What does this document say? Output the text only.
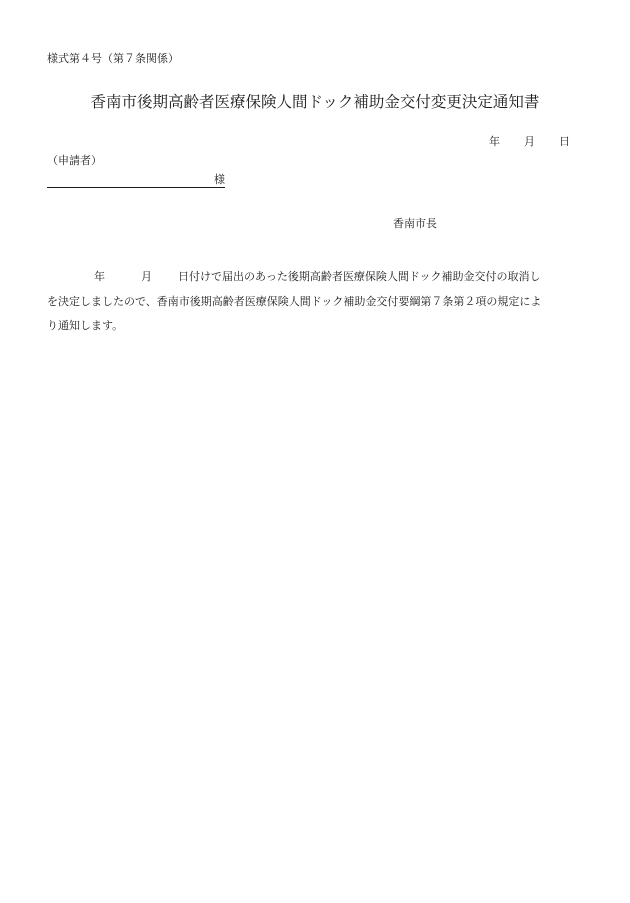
様式第４号（第７条関係）
香南市後期高齢者医療保険人間ドック補助金交付変更決定通知書
年 月 日
（申請者）
様
香南市長

年	月 日付けで届出のあった後期高齢者医療保険人間ドック補助金交付の取消し

を決定しましたので、香南市後期高齢者医療保険人間ドック補助金交付要綱第７条第２項の規定によ

り通知します。
